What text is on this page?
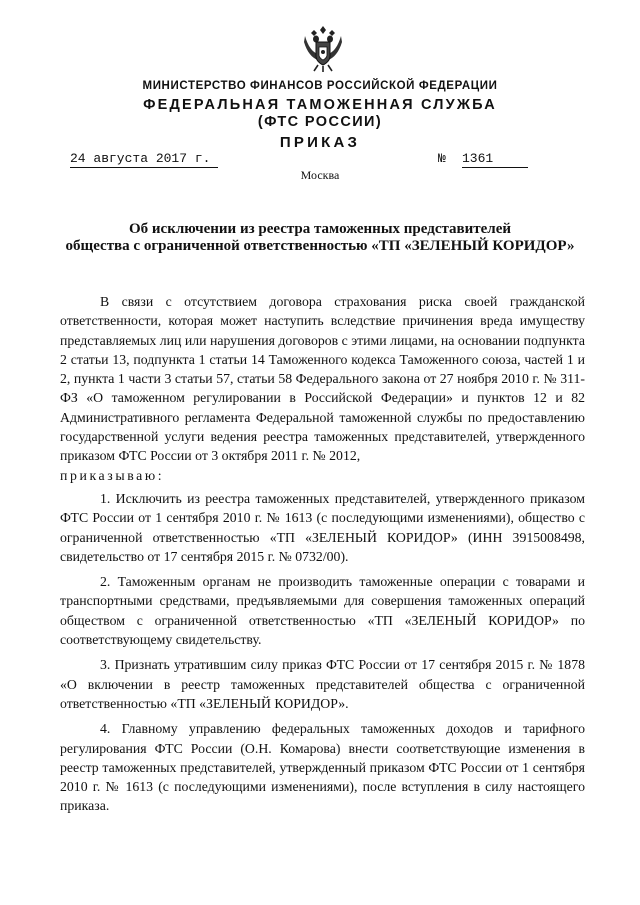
МИНИСТЕРСТВО ФИНАНСОВ РОССИЙСКОЙ ФЕДЕРАЦИИ
ФЕДЕРАЛЬНАЯ ТАМОЖЕННАЯ СЛУЖБА
(ФТС РОССИИ)
ПРИКАЗ
24 августа 2017 г.	№ 1361
Москва
Об исключении из реестра таможенных представителей
общества с ограниченной ответственностью «ТП «ЗЕЛЕНЫЙ КОРИДОР»

В связи с отсутствием договора страхования риска своей гражданской ответственности, которая может наступить вследствие причинения вреда имуществу представляемых лиц или нарушения договоров с этими лицами, на основании подпункта 2 статьи 13, подпункта 1 статьи 14 Таможенного кодекса Таможенного союза, частей 1 и 2, пункта 1 части 3 статьи 57, статьи 58 Федерального закона от 27 ноября 2010 г. № 311-ФЗ «О таможенном регулировании в Российской Федерации» и пунктов 12 и 82 Административного регламента Федеральной таможенной службы по предоставлению государственной услуги ведения реестра таможенных представителей, утвержденного приказом ФТС России от 3 октября 2011 г. № 2012,

приказываю:

1. Исключить из реестра таможенных представителей, утвержденного приказом ФТС России от 1 сентября 2010 г. № 1613 (с последующими изменениями), общество с ограниченной ответственностью «ТП «ЗЕЛЕНЫЙ КОРИДОР» (ИНН 3915008498, свидетельство от 17 сентября 2015 г. № 0732/00).

2. Таможенным органам не производить таможенные операции с товарами и транспортными средствами, предъявляемыми для совершения таможенных операций обществом с ограниченной ответственностью «ТП «ЗЕЛЕНЫЙ КОРИДОР» по соответствующему свидетельству.

3. Признать утратившим силу приказ ФТС России от 17 сентября 2015 г. № 1878 «О включении в реестр таможенных представителей общества с ограниченной ответственностью «ТП «ЗЕЛЕНЫЙ КОРИДОР».

4. Главному управлению федеральных таможенных доходов и тарифного регулирования ФТС России (О.Н. Комарова) внести соответствующие изменения в реестр таможенных представителей, утвержденный приказом ФТС России от 1 сентября 2010 г. № 1613 (с последующими изменениями), после вступления в силу настоящего приказа.
